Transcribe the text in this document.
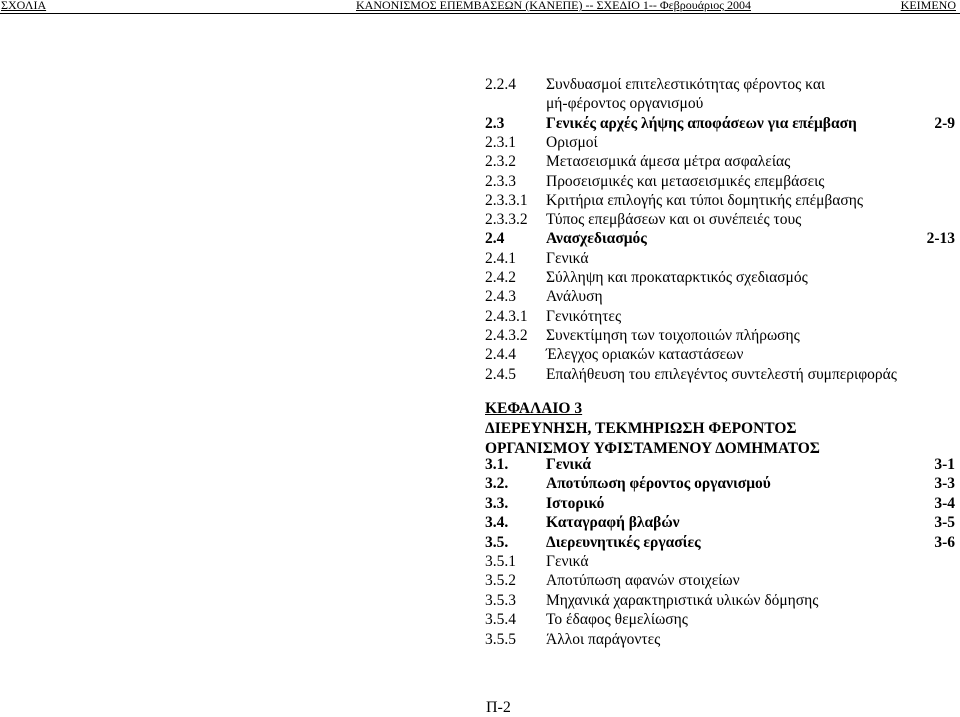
ΣΧΟΛΙΑ	ΚΑΝΟΝΙΣΜΟΣ ΕΠΕΜΒΑΣΕΩΝ (ΚΑΝΕΠΕ) -- ΣΧΕΔΙΟ 1-- Φεβρουάριος 2004	ΚΕΙΜΕΝΟ
2.2.4 Συνδυασμοί επιτελεστικότητας φέροντος και
μή-φέροντος οργανισμού
2.3	Γενικές αρχές λήψης αποφάσεων για επέμβαση	2-9
2.3.1 Ορισμοί
2.3.2 Μετασεισμικά άμεσα μέτρα ασφαλείας
2.3.3 Προσεισμικές και μετασεισμικές επεμβάσεις
2.3.3.1 Κριτήρια επιλογής και τύποι δομητικής επέμβασης
2.3.3.2 Τύπος επεμβάσεων και οι συνέπειές τους
2.4	Ανασχεδιασμός	2-13
2.4.1 Γενικά
2.4.2 Σύλληψη και προκαταρκτικός σχεδιασμός
2.4.3 Ανάλυση
2.4.3.1 Γενικότητες
2.4.3.2 Συνεκτίμηση των τοιχοποιιών πλήρωσης
2.4.4 Έλεγχος οριακών καταστάσεων
2.4.5 Επαλήθευση του επιλεγέντος συντελεστή συμπεριφοράς
ΚΕΦΑΛΑΙΟ 3
ΔΙΕΡΕΥΝΗΣΗ, ΤΕΚΜΗΡΙΩΣΗ ΦΕΡΟΝΤΟΣ
ΟΡΓΑΝΙΣΜΟΥ ΥΦΙΣΤΑΜΕΝΟΥ ΔΟΜΗΜΑΤΟΣ
3.1. Γενικά	3-1
3.2. Αποτύπωση φέροντος οργανισμού	3-3
3.3. Ιστορικό	3-4
3.4. Καταγραφή βλαβών	3-5
3.5. Διερευνητικές εργασίες	3-6
3.5.1 Γενικά
3.5.2 Αποτύπωση αφανών στοιχείων
3.5.3 Μηχανικά χαρακτηριστικά υλικών δόμησης
3.5.4 Το έδαφος θεμελίωσης
3.5.5 Άλλοι παράγοντες
Π-2
